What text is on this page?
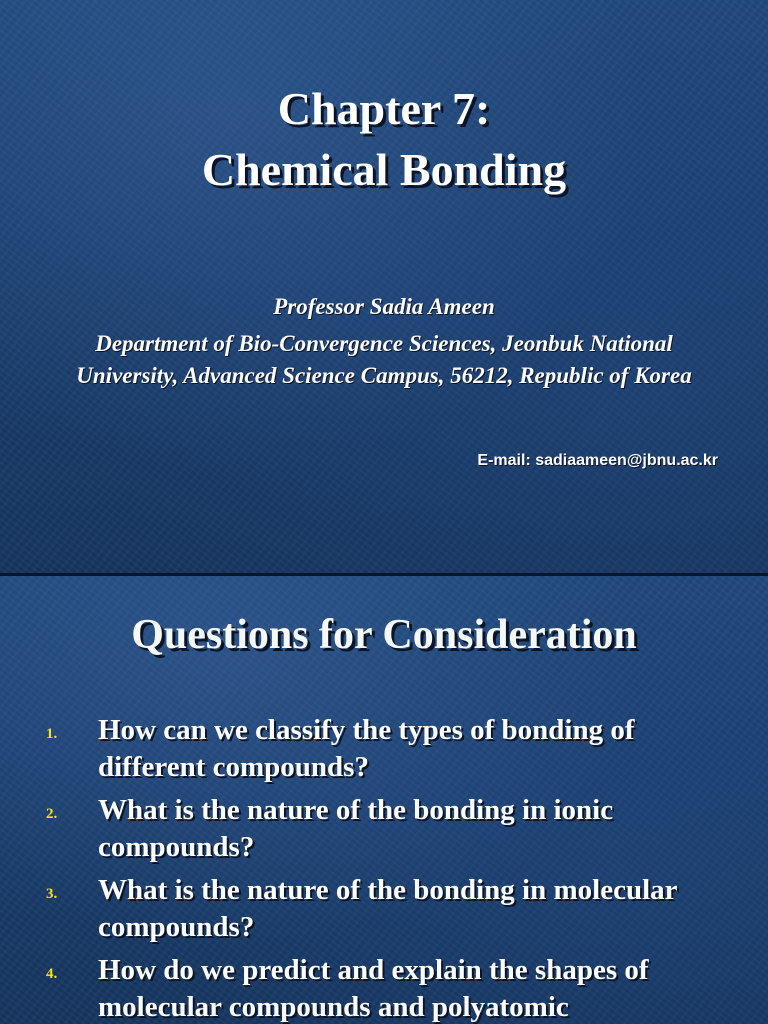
Chapter 7:
Chemical Bonding
Professor Sadia Ameen
Department of Bio-Convergence Sciences, Jeonbuk National
University, Advanced Science Campus, 56212, Republic of Korea
E-mail: sadiaameen@jbnu.ac.kr
Questions for Consideration
1. How can we classify the types of bonding of different compounds?
2. What is the nature of the bonding in ionic compounds?
3. What is the nature of the bonding in molecular compounds?
4. How do we predict and explain the shapes of molecular compounds and polyatomic
